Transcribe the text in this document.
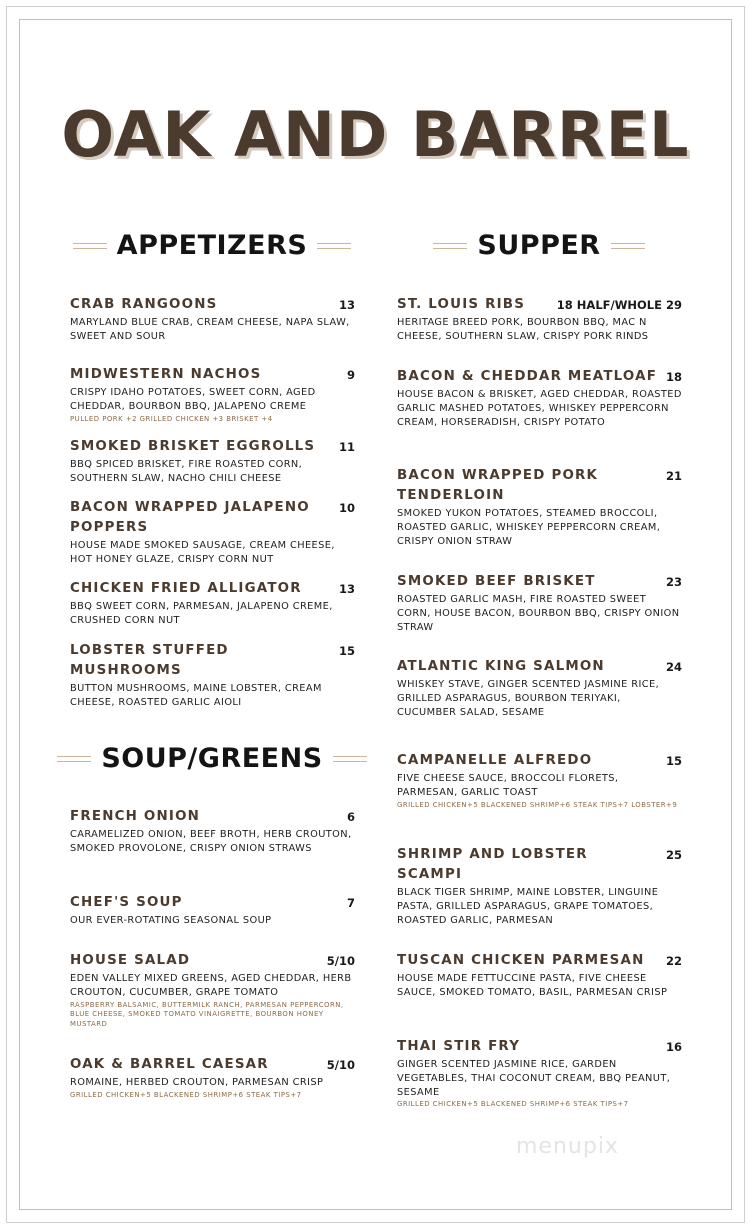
OAK AND BARREL
APPETIZERS	SUPPER
SOUP/GREENS
CRAB RANGOONS	13
MARYLAND BLUE CRAB, CREAM CHEESE, NAPA SLAW, SWEET AND SOUR
MIDWESTERN NACHOS	9
CRISPY IDAHO POTATOES, SWEET CORN, AGED CHEDDAR, BOURBON BBQ, JALAPENO CREME
PULLED PORK +2 GRILLED CHICKEN +3 BRISKET +4
SMOKED BRISKET EGGROLLS 11
BBQ SPICED BRISKET, FIRE ROASTED CORN, SOUTHERN SLAW, NACHO CHILI CHEESE
BACON WRAPPED JALAPENO POPPERS
10
HOUSE MADE SMOKED SAUSAGE, CREAM CHEESE, HOT HONEY GLAZE, CRISPY CORN NUT
CHICKEN FRIED ALLIGATOR	13
BBQ SWEET CORN, PARMESAN, JALAPENO CREME, CRUSHED CORN NUT
LOBSTER STUFFED MUSHROOMS
15
BUTTON MUSHROOMS, MAINE LOBSTER, CREAM CHEESE, ROASTED GARLIC AIOLI
FRENCH ONION	6
CARAMELIZED ONION, BEEF BROTH, HERB CROUTON, SMOKED PROVOLONE, CRISPY ONION STRAWS
CHEF'S SOUP	7
OUR EVER-ROTATING SEASONAL SOUP
HOUSE SALAD	5/10
EDEN VALLEY MIXED GREENS, AGED CHEDDAR, HERB CROUTON, CUCUMBER, GRAPE TOMATO
RASPBERRY BALSAMIC, BUTTERMILK RANCH, PARMESAN PEPPERCORN, BLUE CHEESE, SMOKED TOMATO VINAIGRETTE, BOURBON HONEY MUSTARD
OAK & BARREL CAESAR	5/10
ROMAINE, HERBED CROUTON, PARMESAN CRISP
GRILLED CHICKEN+5 BLACKENED SHRIMP+6 STEAK TIPS+7
ST. LOUIS RIBS	18 HALF/WHOLE 29
HERITAGE BREED PORK, BOURBON BBQ, MAC N CHEESE, SOUTHERN SLAW, CRISPY PORK RINDS
BACON & CHEDDAR MEATLOAF 18
HOUSE BACON & BRISKET, AGED CHEDDAR, ROASTED GARLIC MASHED POTATOES, WHISKEY PEPPERCORN CREAM, HORSERADISH, CRISPY POTATO
BACON WRAPPED PORK TENDERLOIN
21
SMOKED YUKON POTATOES, STEAMED BROCCOLI, ROASTED GARLIC, WHISKEY PEPPERCORN CREAM, CRISPY ONION STRAW
SMOKED BEEF BRISKET	23
ROASTED GARLIC MASH, FIRE ROASTED SWEET CORN, HOUSE BACON, BOURBON BBQ, CRISPY ONION STRAW
ATLANTIC KING SALMON	24
WHISKEY STAVE, GINGER SCENTED JASMINE RICE, GRILLED ASPARAGUS, BOURBON TERIYAKI, CUCUMBER SALAD, SESAME
CAMPANELLE ALFREDO	15
FIVE CHEESE SAUCE, BROCCOLI FLORETS, PARMESAN, GARLIC TOAST
GRILLED CHICKEN+5 BLACKENED SHRIMP+6 STEAK TIPS+7 LOBSTER+9
SHRIMP AND LOBSTER SCAMPI
25
BLACK TIGER SHRIMP, MAINE LOBSTER, LINGUINE PASTA, GRILLED ASPARAGUS, GRAPE TOMATOES, ROASTED GARLIC, PARMESAN
TUSCAN CHICKEN PARMESAN 22
HOUSE MADE FETTUCCINE PASTA, FIVE CHEESE SAUCE, SMOKED TOMATO, BASIL, PARMESAN CRISP
THAI STIR FRY	16
GINGER SCENTED JASMINE RICE, GARDEN VEGETABLES, THAI COCONUT CREAM, BBQ PEANUT, SESAME
GRILLED CHICKEN+5 BLACKENED SHRIMP+6 STEAK TIPS+7
menupix
